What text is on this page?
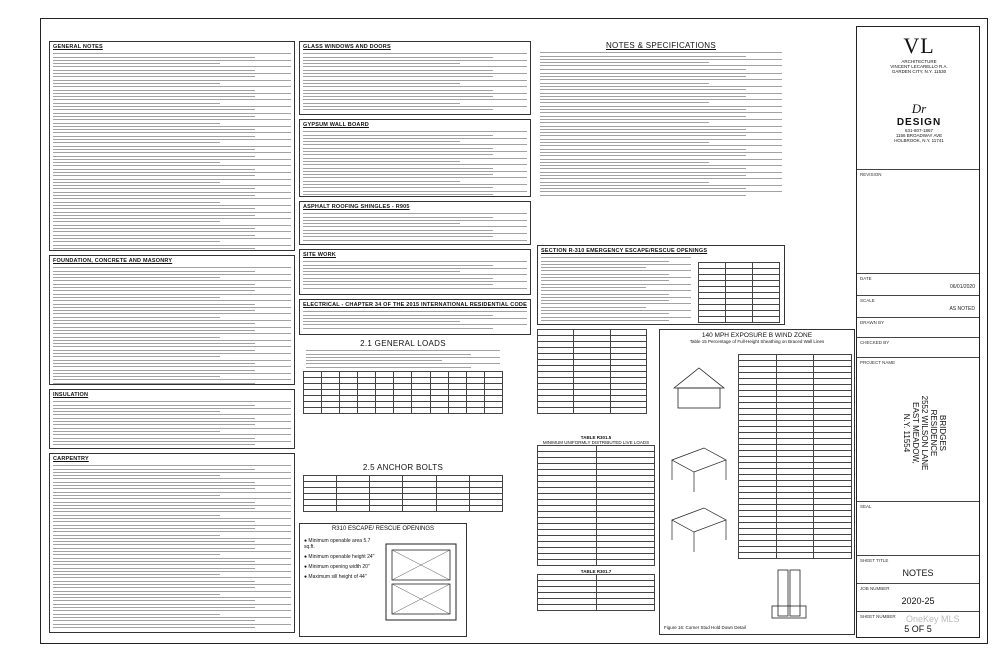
GENERAL NOTES
FOUNDATION, CONCRETE AND MASONRY
INSULATION
CARPENTRY
GLASS WINDOWS AND DOORS
GYPSUM WALL BOARD
ASPHALT ROOFING SHINGLES - R905
SITE WORK
ELECTRICAL - CHAPTER 34 OF THE 2015 INTERNATIONAL RESIDENTIAL CODE
2.1 GENERAL LOADS

2.5 ANCHOR BOLTS

R310 ESCAPE/ RESCUE OPENINGS
● Minimum openable area 5.7 sq.ft.
● Minimum openable height 24"
● Minimum opening width 20"
● Maximum sill height of 44"
NOTES & SPECIFICATIONS
SECTION R-310 EMERGENCY ESCAPE/RESCUE OPENINGS

TABLE R301.5
MINIMUM UNIFORMLY DISTRIBUTED LIVE LOADS

TABLE R301.7

140 MPH EXPOSURE B WIND ZONE
Table 15 Percentage of Full-Height Sheathing on Braced Wall Lines

Figure 16: Corner Stud Hold Down Detail
VL
ARCHITECTURE
VINCENT LECARELLO R.A.
GARDEN CITY, N.Y. 11530
Dr
DESIGN
631-807-1867
1156 BROADWAY AVE
HOLBROOK, N.Y. 11741
REVISION
DATE
06/01/2020
SCALE
AS NOTED
DRAWN BY
CHECKED BY
PROJECT NAME
BRIDGES
RESIDENCE
2552 WILSON LANE
EAST MEADOW,
N.Y. 11554
SEAL
SHEET TITLE
NOTES
JOB NUMBER
2020-25
SHEET NUMBER
5 OF 5
OneKey MLS
